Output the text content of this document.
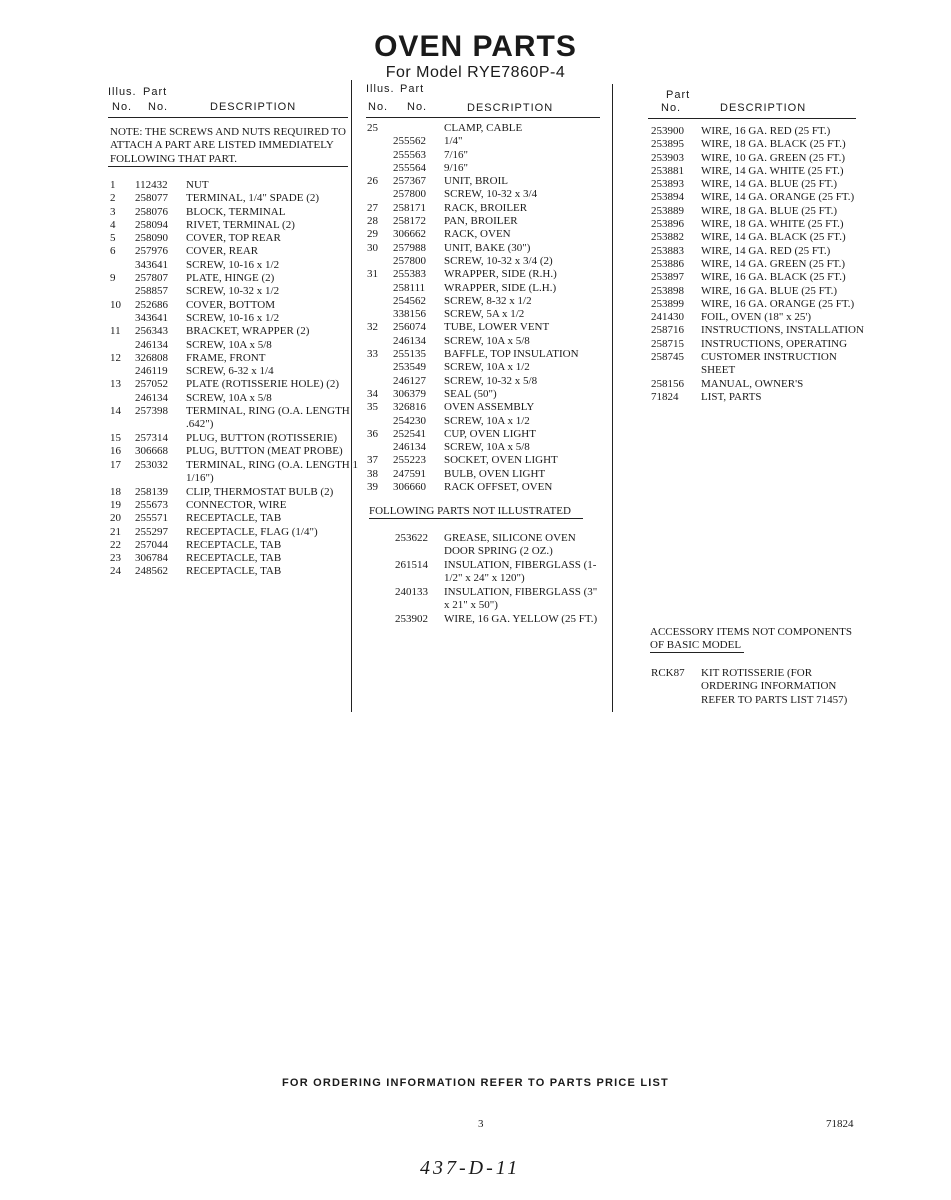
OVEN PARTS
For Model RYE7860P-4
Illus. Part
No. No.	DESCRIPTION
Illus. Part
No. No.	DESCRIPTION
Part
No.	DESCRIPTION
NOTE: THE SCREWS AND NUTS REQUIRED TO ATTACH A PART ARE LISTED IMMEDIATELY FOLLOWING THAT PART.
1	112432	NUT
2	258077	TERMINAL, 1/4" SPADE (2)
3	258076	BLOCK, TERMINAL
4	258094	RIVET, TERMINAL (2)
5	258090	COVER, TOP REAR
6	257976	COVER, REAR
343641	SCREW, 10-16 x 1/2
9	257807	PLATE, HINGE (2)
258857	SCREW, 10-32 x 1/2
10	252686	COVER, BOTTOM
343641	SCREW, 10-16 x 1/2
11	256343	BRACKET, WRAPPER (2)
246134	SCREW, 10A x 5/8
12	326808	FRAME, FRONT
246119	SCREW, 6-32 x 1/4
13	257052	PLATE (ROTISSERIE HOLE) (2)
246134	SCREW, 10A x 5/8
14	257398	TERMINAL, RING (O.A. LENGTH .642")
15	257314	PLUG, BUTTON (ROTISSERIE)
16	306668	PLUG, BUTTON (MEAT PROBE)
17	253032	TERMINAL, RING (O.A. LENGTH 1 1/16")
18	258139	CLIP, THERMOSTAT BULB (2)
19	255673	CONNECTOR, WIRE
20	255571	RECEPTACLE, TAB
21	255297	RECEPTACLE, FLAG (1/4")
22	257044	RECEPTACLE, TAB
23	306784	RECEPTACLE, TAB
24	248562	RECEPTACLE, TAB
25	CLAMP, CABLE
255562	1/4"
255563	7/16"
255564	9/16"
26	257367	UNIT, BROIL
257800	SCREW, 10-32 x 3/4
27	258171	RACK, BROILER
28	258172	PAN, BROILER
29	306662	RACK, OVEN
30	257988	UNIT, BAKE (30")
257800	SCREW, 10-32 x 3/4 (2)
31	255383	WRAPPER, SIDE (R.H.)
258111	WRAPPER, SIDE (L.H.)
254562	SCREW, 8-32 x 1/2
338156	SCREW, 5A x 1/2
32	256074	TUBE, LOWER VENT
246134	SCREW, 10A x 5/8
33	255135	BAFFLE, TOP INSULATION
253549	SCREW, 10A x 1/2
246127	SCREW, 10-32 x 5/8
34	306379	SEAL (50")
35	326816	OVEN ASSEMBLY
254230	SCREW, 10A x 1/2
36	252541	CUP, OVEN LIGHT
246134	SCREW, 10A x 5/8
37	255223	SOCKET, OVEN LIGHT
38	247591	BULB, OVEN LIGHT
39	306660	RACK OFFSET, OVEN
FOLLOWING PARTS NOT ILLUSTRATED
253622	GREASE, SILICONE OVEN DOOR SPRING (2 OZ.)
261514	INSULATION, FIBERGLASS (1-1/2" x 24" x 120")
240133	INSULATION, FIBERGLASS (3" x 21" x 50")
253902	WIRE, 16 GA. YELLOW (25 FT.)
253900	WIRE, 16 GA. RED (25 FT.)
253895	WIRE, 18 GA. BLACK (25 FT.)
253903	WIRE, 10 GA. GREEN (25 FT.)
253881	WIRE, 14 GA. WHITE (25 FT.)
253893	WIRE, 14 GA. BLUE (25 FT.)
253894	WIRE, 14 GA. ORANGE (25 FT.)
253889	WIRE, 18 GA. BLUE (25 FT.)
253896	WIRE, 18 GA. WHITE (25 FT.)
253882	WIRE, 14 GA. BLACK (25 FT.)
253883	WIRE, 14 GA. RED (25 FT.)
253886	WIRE, 14 GA. GREEN (25 FT.)
253897	WIRE, 16 GA. BLACK (25 FT.)
253898	WIRE, 16 GA. BLUE (25 FT.)
253899	WIRE, 16 GA. ORANGE (25 FT.)
241430	FOIL, OVEN (18" x 25')
258716	INSTRUCTIONS, INSTALLATION
258715	INSTRUCTIONS, OPERATING
258745	CUSTOMER INSTRUCTION SHEET
258156	MANUAL, OWNER'S
71824	LIST, PARTS
ACCESSORY ITEMS NOT COMPONENTS OF BASIC MODEL
RCK87	KIT ROTISSERIE (FOR ORDERING INFORMATION REFER TO PARTS LIST 71457)
FOR ORDERING INFORMATION REFER TO PARTS PRICE LIST
3	71824
437-D-11
